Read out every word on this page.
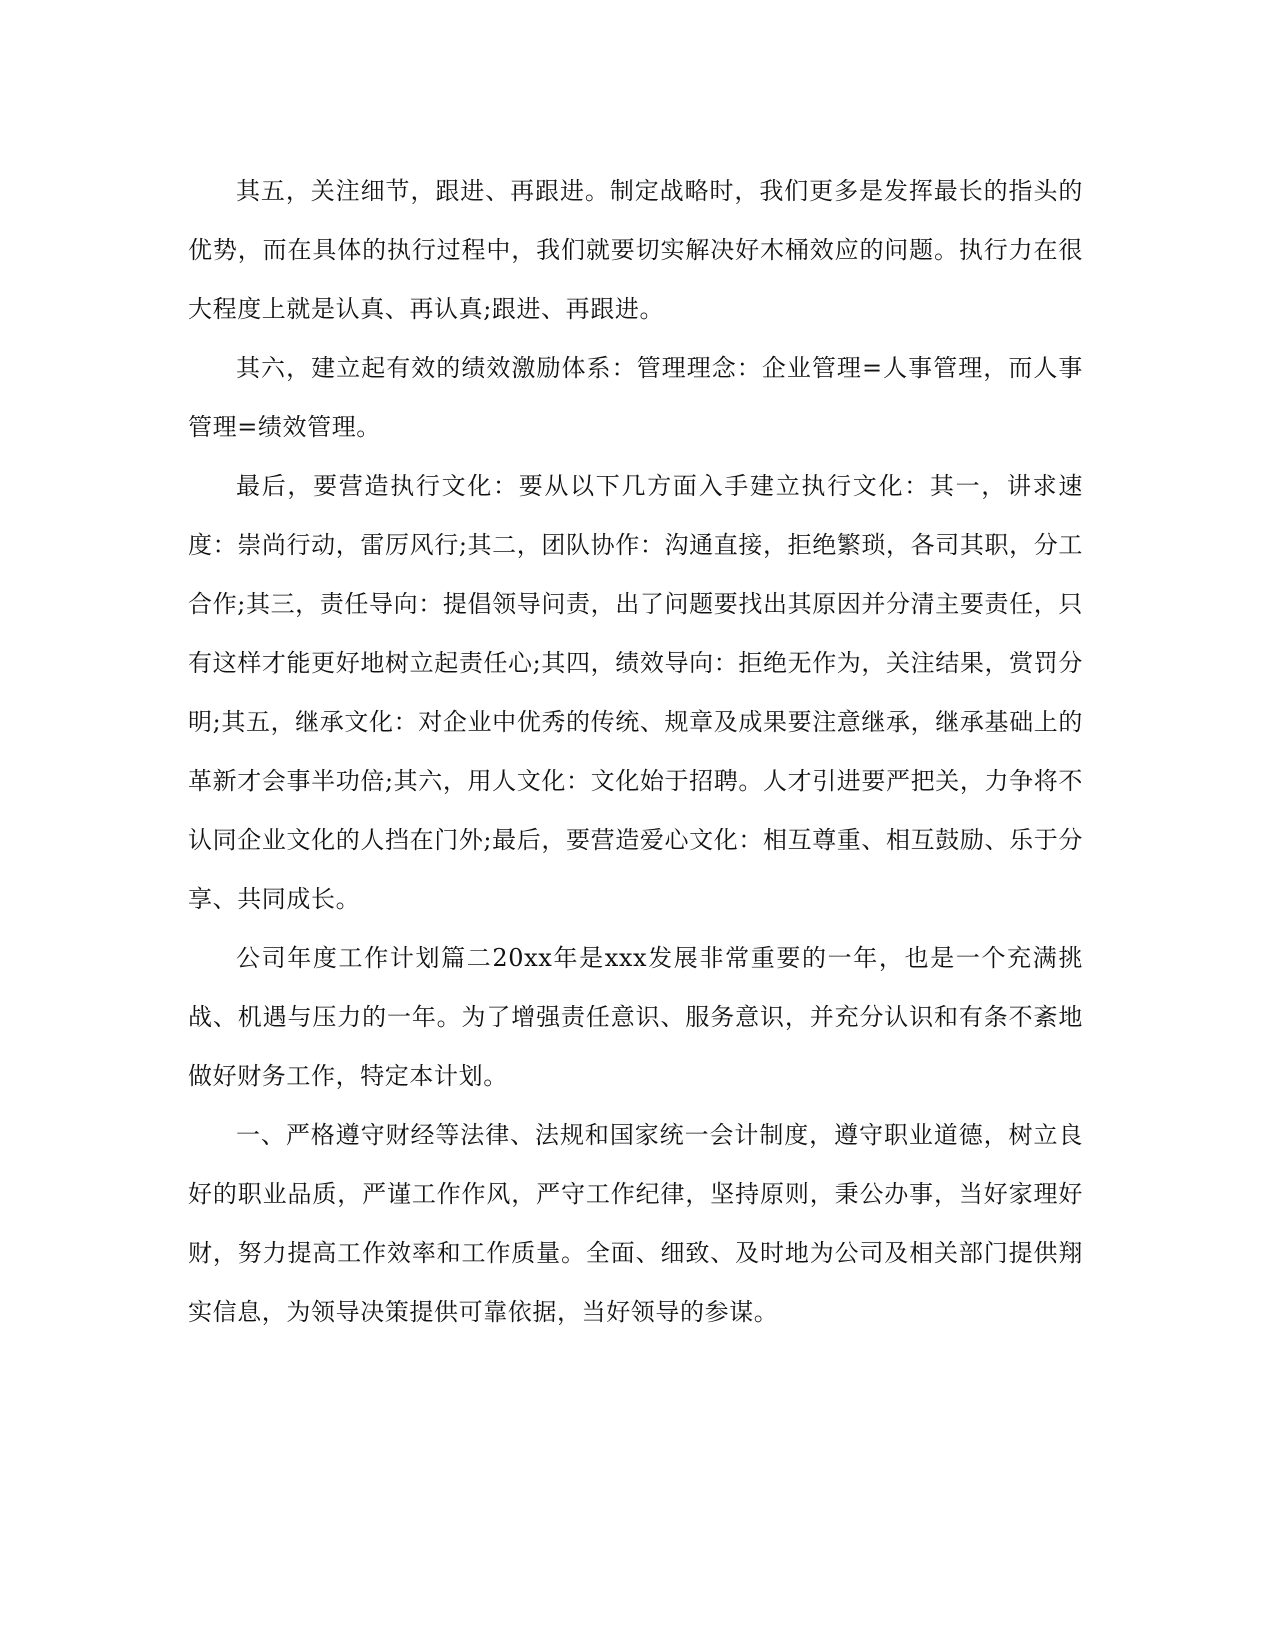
其五，关注细节，跟进、再跟进。制定战略时，我们更多是发挥最长的指头的优势，而在具体的执行过程中，我们就要切实解决好木桶效应的问题。执行力在很大程度上就是认真、再认真;跟进、再跟进。

其六，建立起有效的绩效激励体系：管理理念：企业管理=人事管理，而人事管理=绩效管理。

最后，要营造执行文化：要从以下几方面入手建立执行文化：其一，讲求速度：崇尚行动，雷厉风行;其二，团队协作：沟通直接，拒绝繁琐，各司其职，分工合作;其三，责任导向：提倡领导问责，出了问题要找出其原因并分清主要责任，只有这样才能更好地树立起责任心;其四，绩效导向：拒绝无作为，关注结果，赏罚分明;其五，继承文化：对企业中优秀的传统、规章及成果要注意继承，继承基础上的革新才会事半功倍;其六，用人文化：文化始于招聘。人才引进要严把关，力争将不认同企业文化的人挡在门外;最后，要营造爱心文化：相互尊重、相互鼓励、乐于分享、共同成长。

公司年度工作计划篇二20xx年是xxx发展非常重要的一年，也是一个充满挑战、机遇与压力的一年。为了增强责任意识、服务意识，并充分认识和有条不紊地做好财务工作，特定本计划。

一、严格遵守财经等法律、法规和国家统一会计制度，遵守职业道德，树立良好的职业品质，严谨工作作风，严守工作纪律，坚持原则，秉公办事，当好家理好财，努力提高工作效率和工作质量。全面、细致、及时地为公司及相关部门提供翔实信息，为领导决策提供可靠依据，当好领导的参谋。
